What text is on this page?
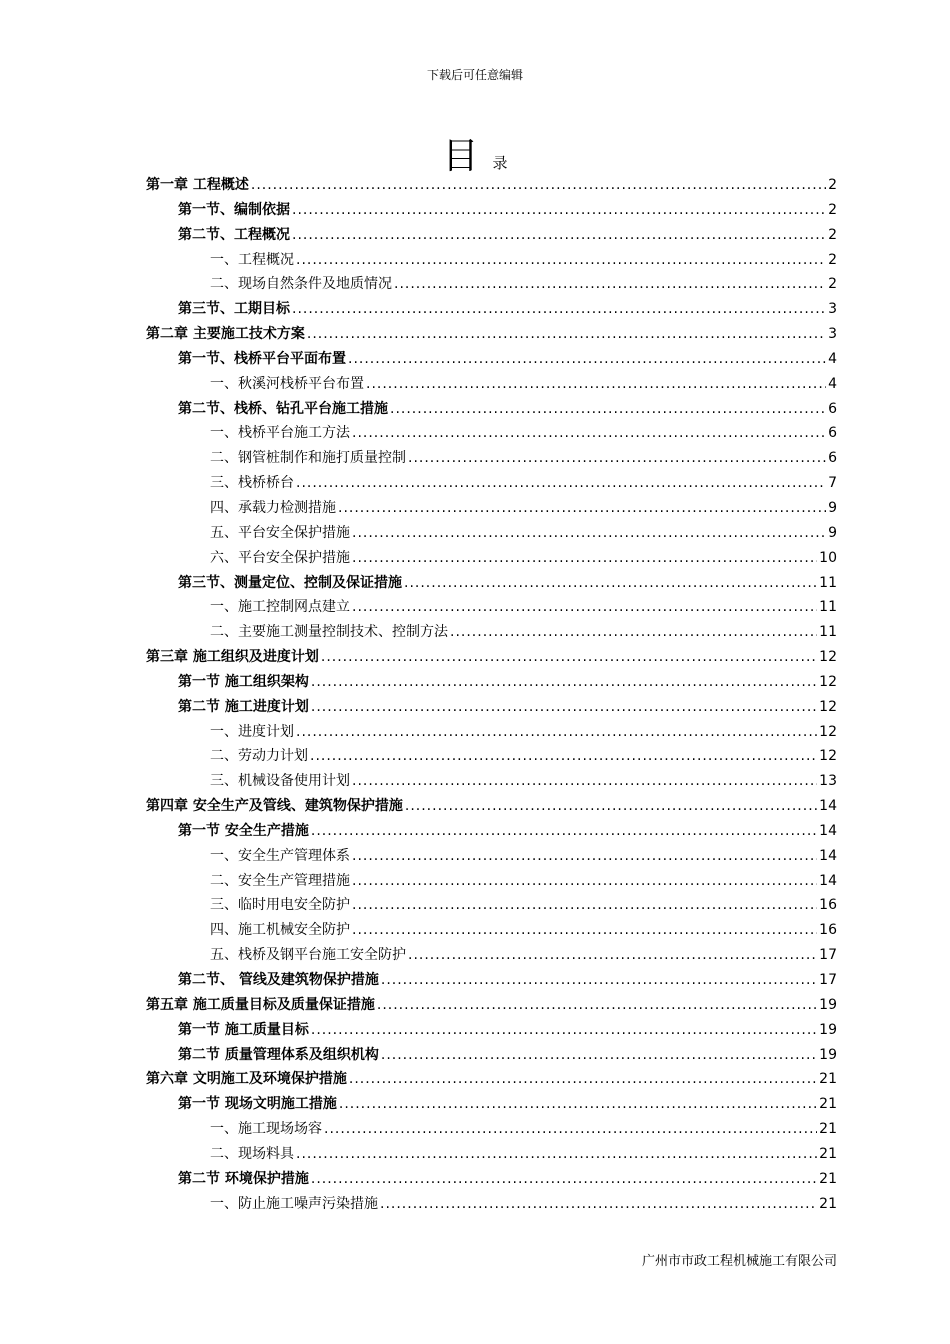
下载后可任意编辑
目录
第一章 工程概述 .....	2
第一节、编制依据 .....	2
第二节、工程概况 .....	2
一、 工程概况 .....	2
二、 现场自然条件及地质情况 .....	2
第三节、工期目标 .....	3
第二章 主要施工技术方案 .....	3
第一节、栈桥平台平面布置 .....	4
一、 秋溪河栈桥平台布置 .....	4
第二节、栈桥、钻孔平台施工措施 .....	6
一、 栈桥平台施工方法 .....	6
二、 钢管桩制作和施打质量控制 .....	6
三、 栈桥桥台 .....	7
四、 承载力检测措施 .....	9
五、 平台安全保护措施 .....	9
六、 平台安全保护措施 .....	10
第三节、测量定位、控制及保证措施 .....	11
一、 施工控制网点建立 .....	11
二、 主要施工测量控制技术、控制方法 .....	11
第三章 施工组织及进度计划 .....	12
第一节 施工组织架构 .....	12
第二节 施工进度计划 .....	12
一、 进度计划 .....	12
二、 劳动力计划 .....	12
三、 机械设备使用计划 .....	13
第四章 安全生产及管线、建筑物保护措施 .....	14
第一节 安全生产措施 .....	14
一、 安全生产管理体系 .....	14
二、 安全生产管理措施 .....	14
三、 临时用电安全防护 .....	16
四、 施工机械安全防护 .....	16
五、 栈桥及钢平台施工安全防护 .....	17
第二节、 管线及建筑物保护措施 .....	17
第五章 施工质量目标及质量保证措施 .....	19
第一节 施工质量目标 .....	19
第二节 质量管理体系及组织机构 .....	19
第六章 文明施工及环境保护措施 .....	21
第一节 现场文明施工措施 .....	21
一、 施工现场场容 .....	21
二、 现场料具 .....	21
第二节 环境保护措施 .....	21
一、 防止施工噪声污染措施 .....	21
广州市市政工程机械施工有限公司
